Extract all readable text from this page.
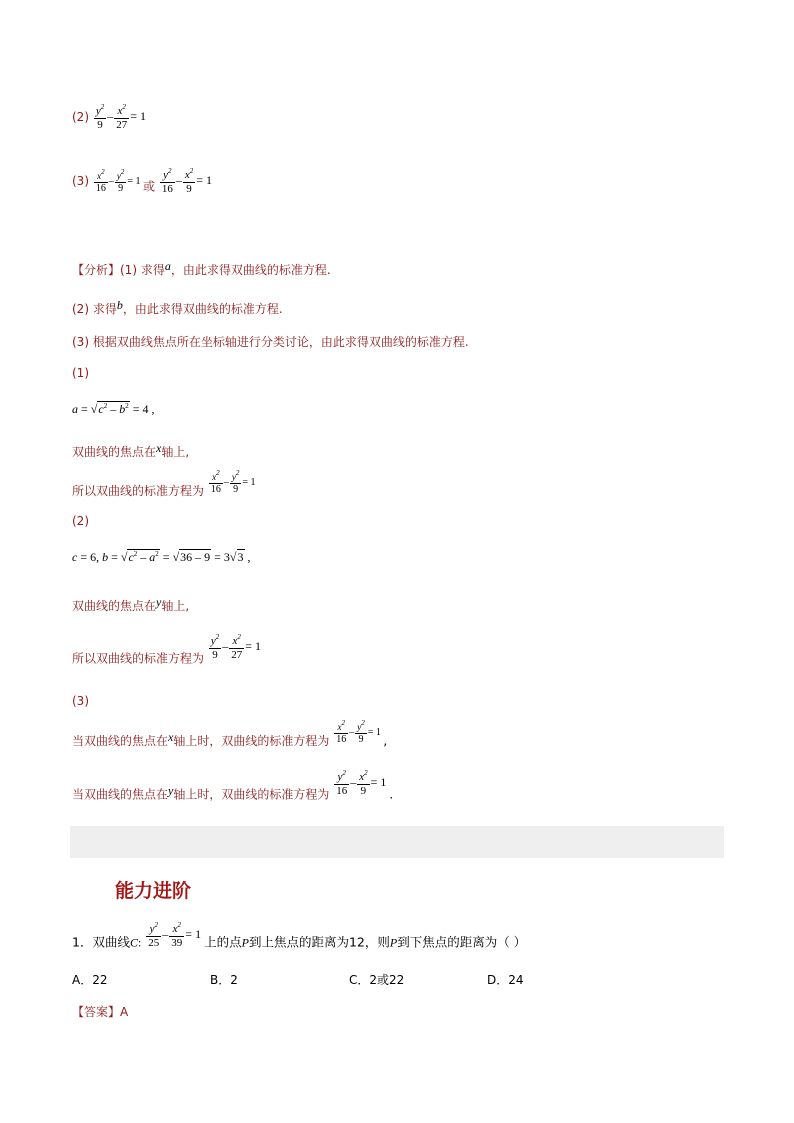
$(2) \frac{y^2}{9} - \frac{x^2}{27} = 1$
$(3) \frac{x^2}{16} - \frac{y^2}{9} = 1$ 或 $\frac{y^2}{16} - \frac{x^2}{9} = 1$
【分析】(1) 求得a，由此求得双曲线的标准方程.
(2) 求得b，由此求得双曲线的标准方程.
(3) 根据双曲线焦点所在坐标轴进行分类讨论，由此求得双曲线的标准方程.
(1)
$a = √c^2 - b^2 = 4$ ,
双曲线的焦点在x轴上,
所以双曲线的标准方程为 $\frac{x^2}{16} - \frac{y^2}{9} = 1$
(2)
c = 6, $b = √c^2 - a^2 = √36 - 9 = 3√3$ ,
双曲线的焦点在y轴上,
所以双曲线的标准方程为 $\frac{y^2}{9} - \frac{x^2}{27} = 1$
(3)
当双曲线的焦点在x轴上时，双曲线的标准方程为 $\frac{x^2}{16} - \frac{y^2}{9} = 1$ ,
当双曲线的焦点在y轴上时，双曲线的标准方程为 $\frac{y^2}{16} - \frac{x^2}{9} = 1$ .
能力进阶
1．双曲线C: $\frac{y^2}{25} - \frac{x^2}{39} = 1$ 上的点P到上焦点的距离为12，则P到下焦点的距离为（ ）
A．22	B．2	C．2或22	D．24
【答案】A
